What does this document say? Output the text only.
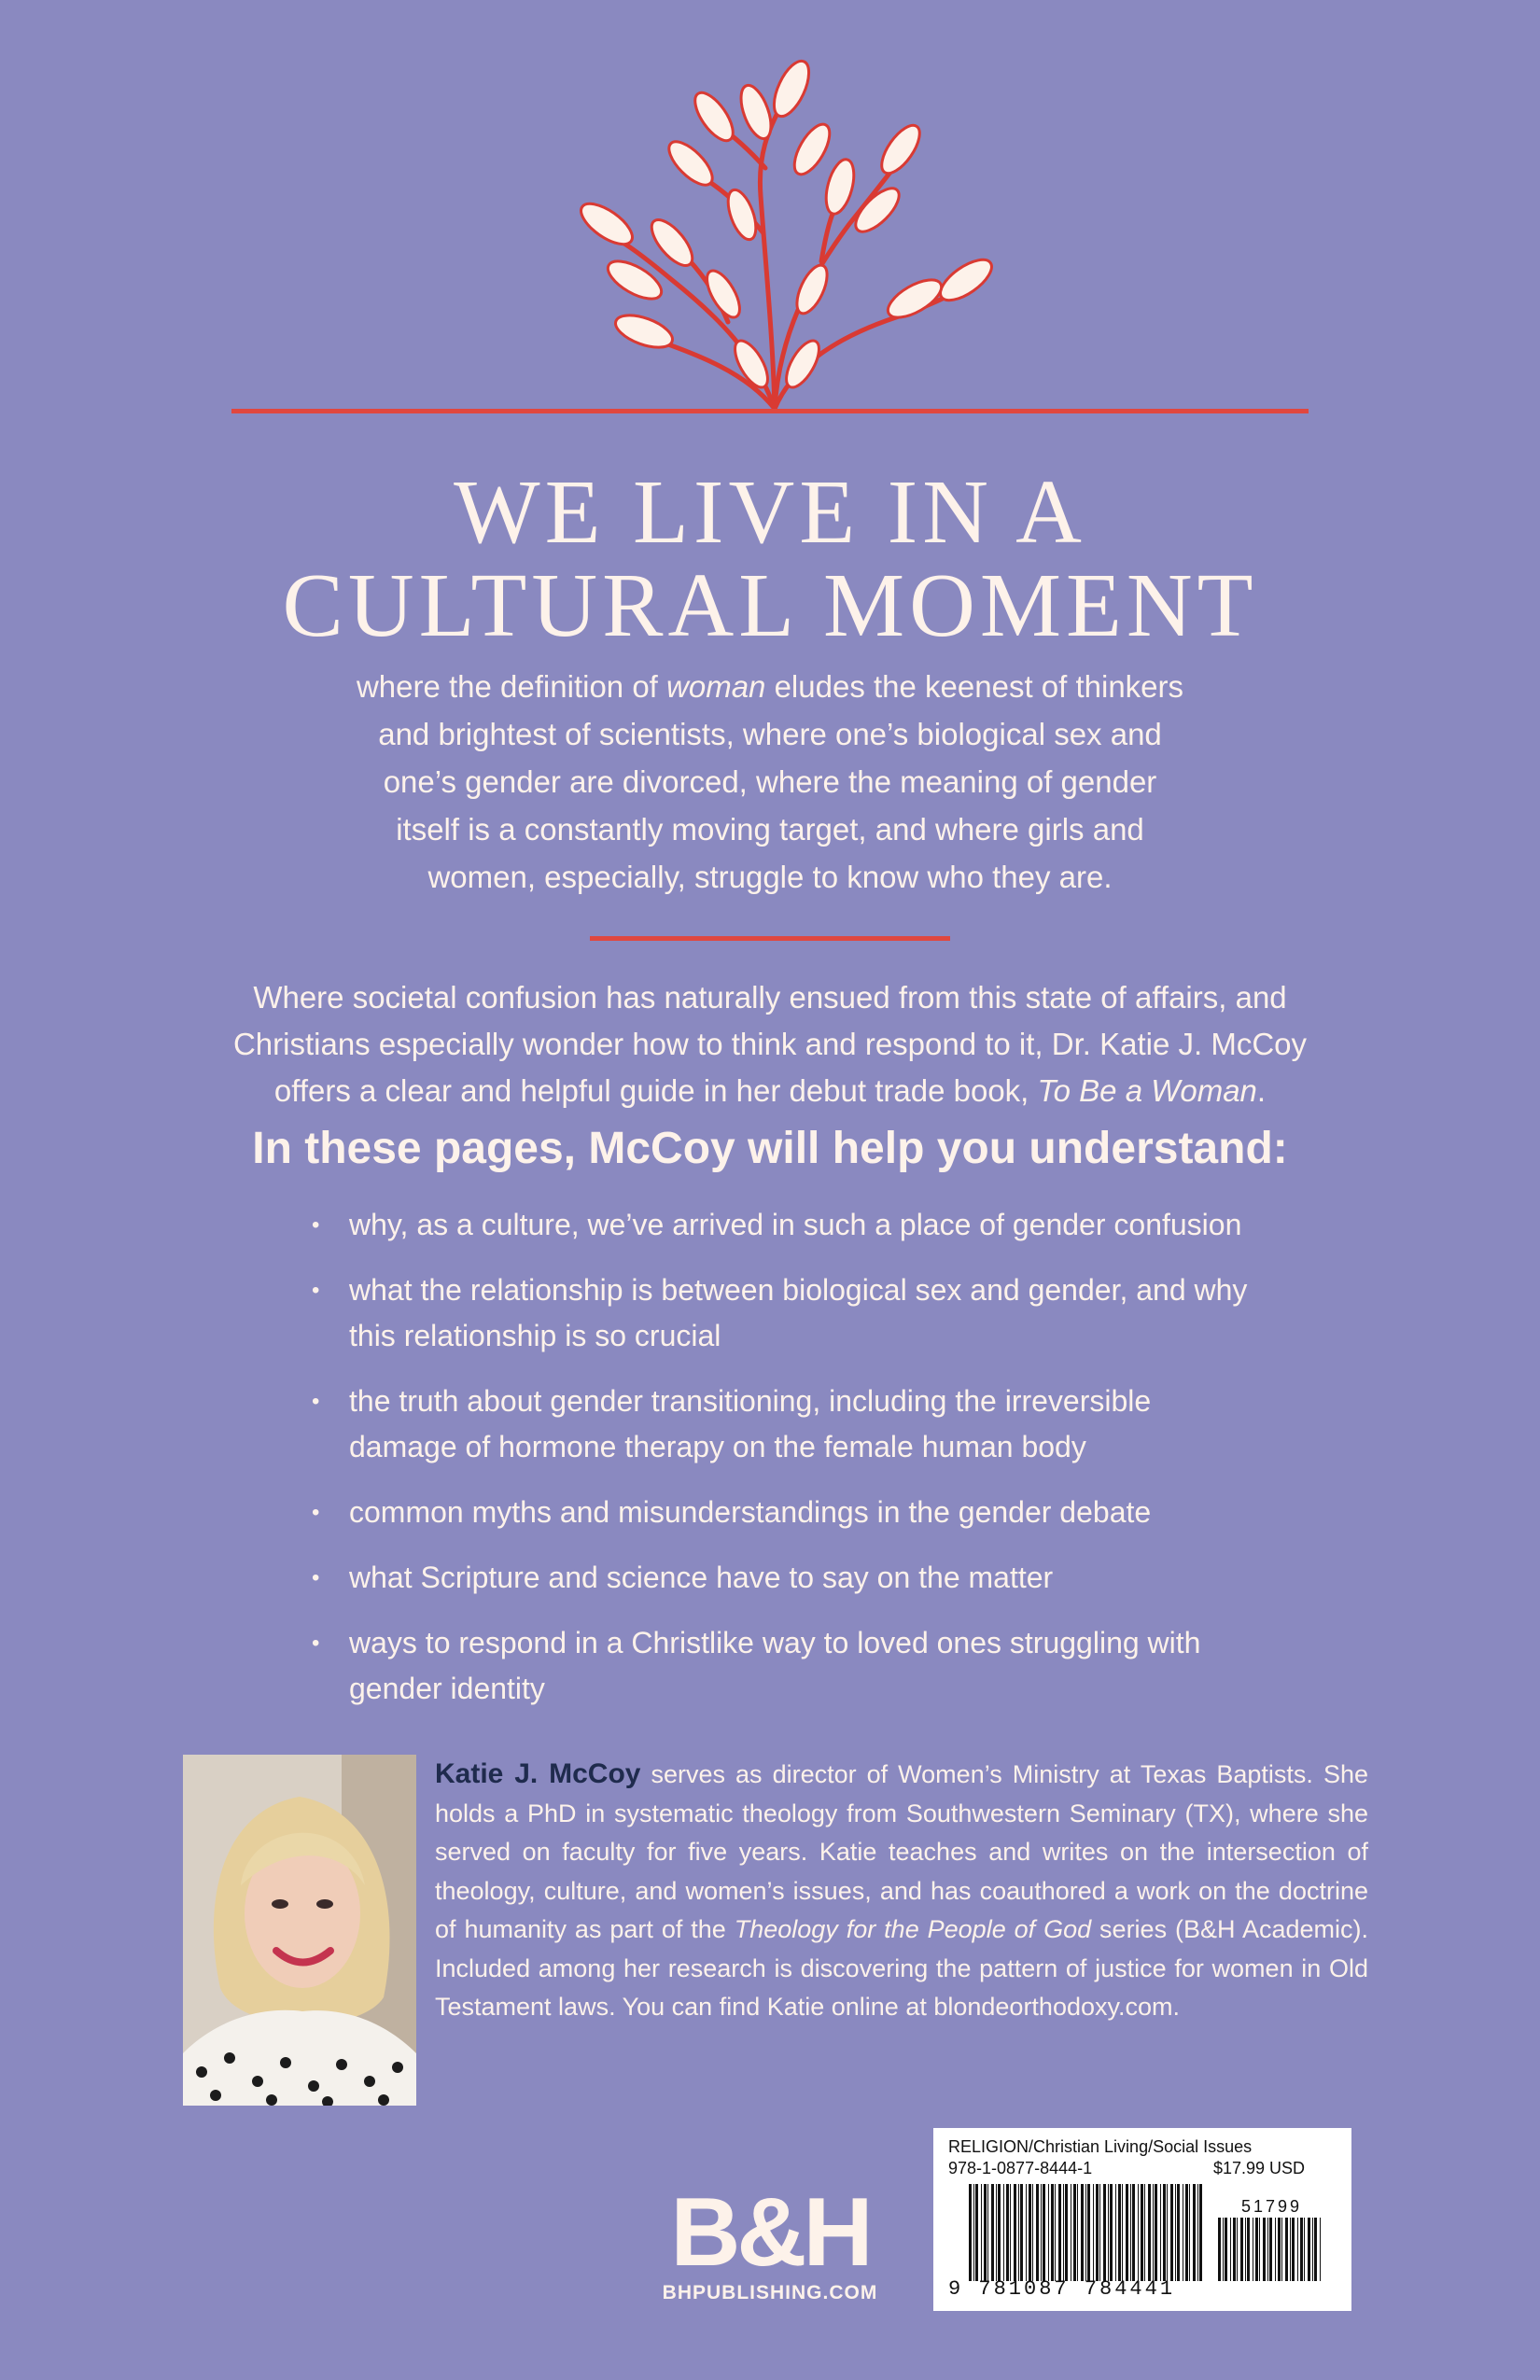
WE LIVE IN A
CULTURAL MOMENT

where the definition of woman eludes the keenest of thinkers

and brightest of scientists, where one’s biological sex and

one’s gender are divorced, where the meaning of gender

itself is a constantly moving target, and where girls and

women, especially, struggle to know who they are.

Where societal confusion has naturally ensued from this state of affairs, and

Christians especially wonder how to think and respond to it, Dr. Katie J. McCoy

offers a clear and helpful guide in her debut trade book, To Be a Woman.

In these pages, McCoy will help you understand:
• why, as a culture, we’ve arrived in such a place of gender confusion
• what the relationship is between biological sex and gender, and why
this relationship is so crucial
• the truth about gender transitioning, including the irreversible
damage of hormone therapy on the female human body
• common myths and misunderstandings in the gender debate
• what Scripture and science have to say on the matter
• ways to respond in a Christlike way to loved ones struggling with
gender identity
Katie J. McCoy serves as director of Women’s Ministry at Texas Baptists. She holds a PhD in systematic theology from Southwestern Seminary (TX), where she served on faculty for five years. Katie teaches and writes on the intersection of theology, culture, and women’s issues, and has coauthored a work on the doctrine of humanity as part of the Theology for the People of God series (B&H Academic). Included among her research is discovering the pattern of justice for women in Old Testament laws. You can find Katie online at blondeorthodoxy.com.
B&H
BHPUBLISHING.COM
RELIGION/Christian Living/Social Issues
978-1-0877-8444-1	$17.99 USD
51799
9 781087 784441
